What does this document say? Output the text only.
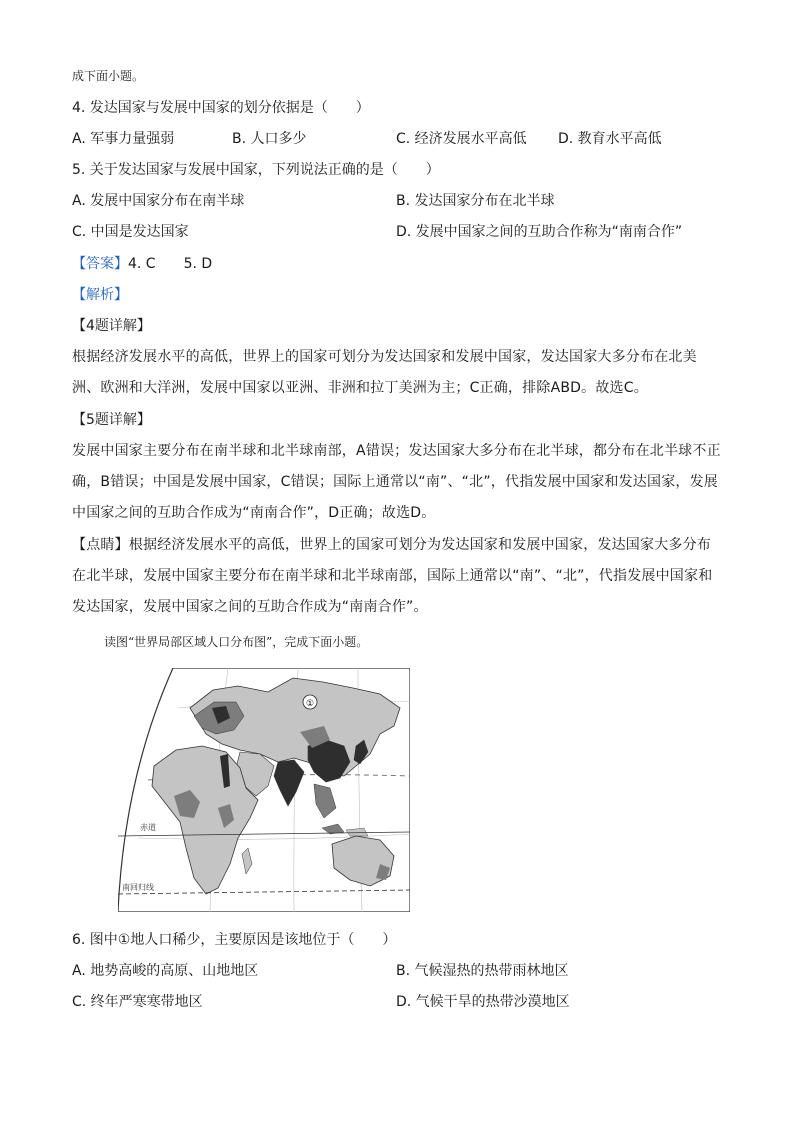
成下面小题。
4. 发达国家与发展中国家的划分依据是（　　）
A. 军事力量强弱	B. 人口多少	C. 经济发展水平高低 D. 教育水平高低
5. 关于发达国家与发展中国家，下列说法正确的是（　　）
A. 发展中国家分布在南半球	B. 发达国家分布在北半球
C. 中国是发达国家	D. 发展中国家之间的互助合作称为“南南合作”
【答案】4. C　　5. D
【解析】
【4题详解】
根据经济发展水平的高低，世界上的国家可划分为发达国家和发展中国家，发达国家大多分布在北美洲、欧洲和大洋洲，发展中国家以亚洲、非洲和拉丁美洲为主；C正确，排除ABD。故选C。
【5题详解】
发展中国家主要分布在南半球和北半球南部，A错误；发达国家大多分布在北半球，都分布在北半球不正确，B错误；中国是发展中国家，C错误；国际上通常以“南”、“北”，代指发展中国家和发达国家，发展中国家之间的互助合作成为“南南合作”，D正确；故选D。
【点睛】根据经济发展水平的高低，世界上的国家可划分为发达国家和发展中国家，发达国家大多分布在北半球，发展中国家主要分布在南半球和北半球南部，国际上通常以“南”、“北”，代指发展中国家和发达国家，发展中国家之间的互助合作成为“南南合作”。
读图“世界局部区域人口分布图”，完成下面小题。
①
赤道
南回归线
6. 图中①地人口稀少，主要原因是该地位于（　　）
A. 地势高峻的高原、山地地区	B. 气候湿热的热带雨林地区
C. 终年严寒寒带地区	D. 气候干旱的热带沙漠地区
